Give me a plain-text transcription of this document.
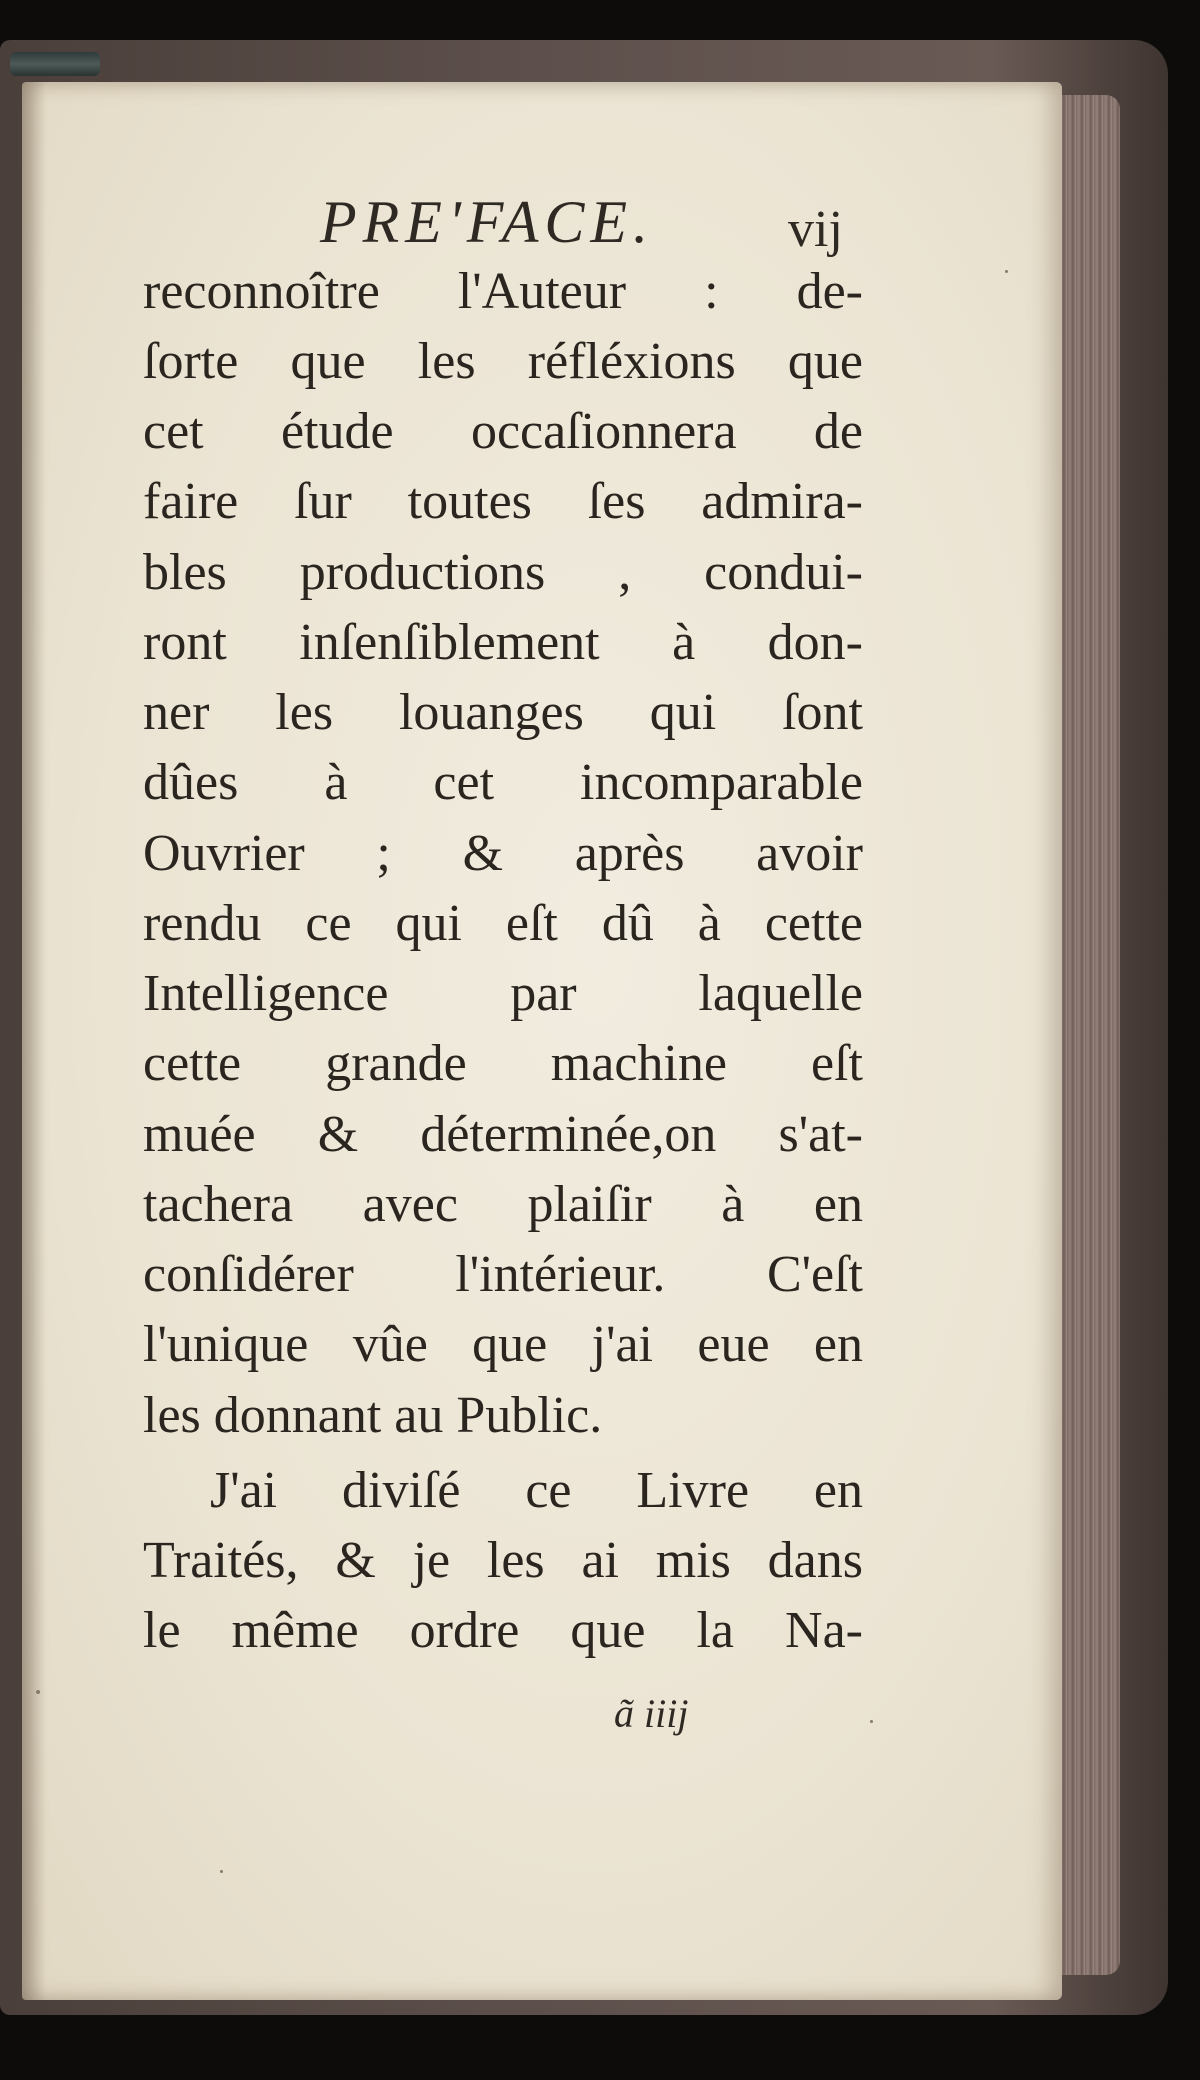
PRE'FACE.	vij
reconnoître l'Auteur : de-
ſorte que les réfléxions que
cet étude occaſionnera de
faire ſur toutes ſes admira-
bles productions , condui-
ront inſenſiblement à don-
ner les louanges qui ſont
dûes à cet incomparable
Ouvrier ; & après avoir
rendu ce qui eſt dû à cette
Intelligence par laquelle
cette grande machine eſt
muée & déterminée,on s'at-
tachera avec plaiſir à en
conſidérer l'intérieur. C'eſt
l'unique vûe que j'ai eue en
les donnant au Public.
J'ai diviſé ce Livre en
Traités, & je les ai mis dans
le même ordre que la Na-
ã iiij
